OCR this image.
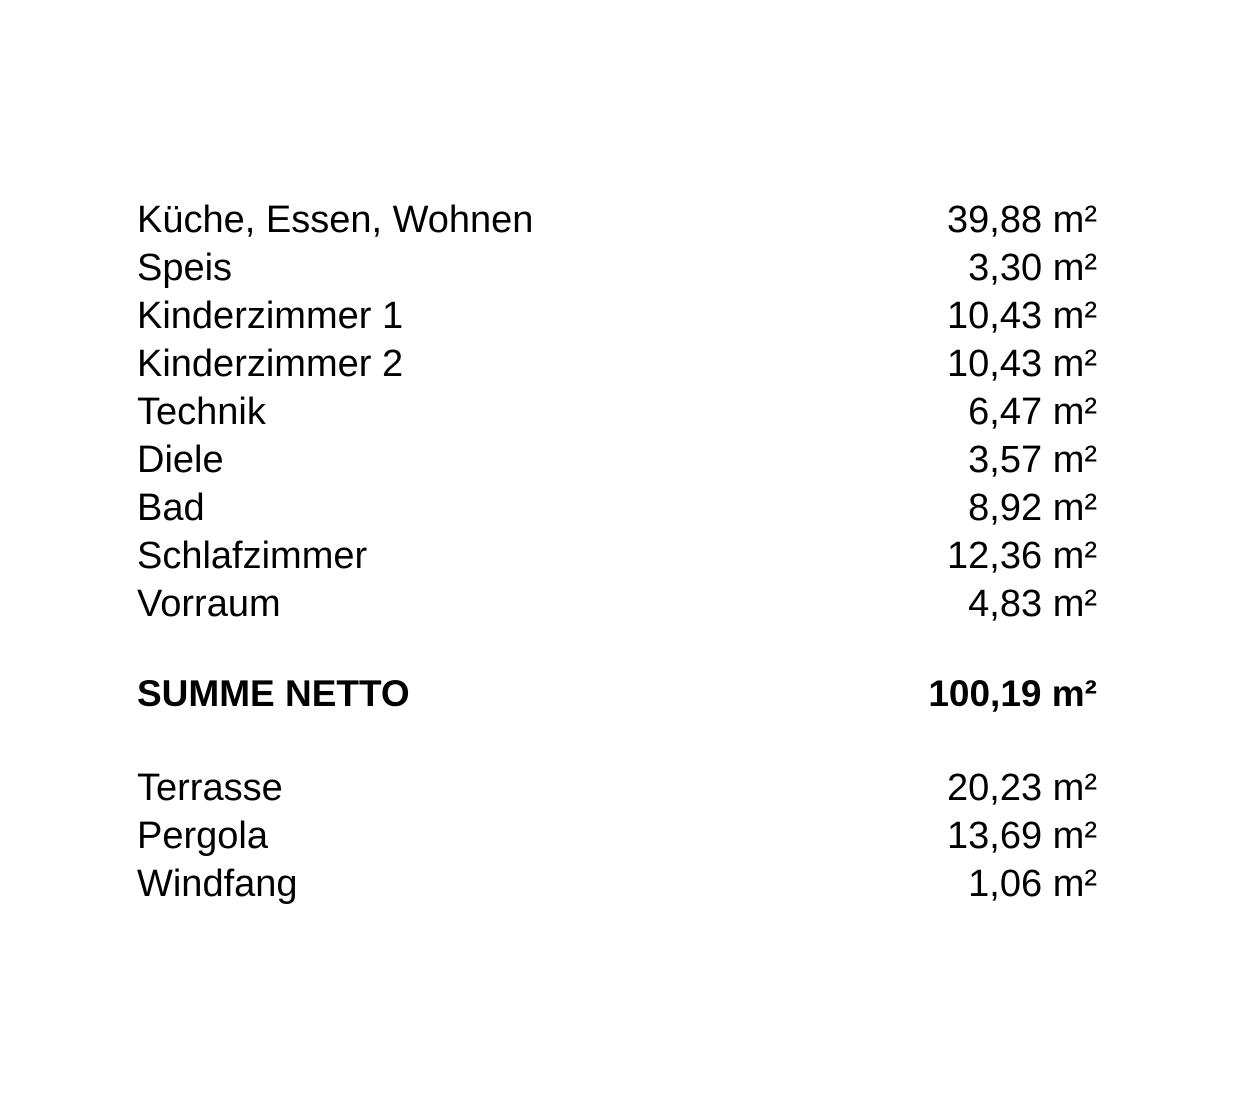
Küche, Essen, Wohnen	39,88 m²
Speis	3,30 m²
Kinderzimmer 1	10,43 m²
Kinderzimmer 2	10,43 m²
Technik	6,47 m²
Diele	3,57 m²
Bad	8,92 m²
Schlafzimmer	12,36 m²
Vorraum	4,83 m²
SUMME NETTO	100,19 m²
Terrasse	20,23 m²
Pergola	13,69 m²
Windfang	1,06 m²
